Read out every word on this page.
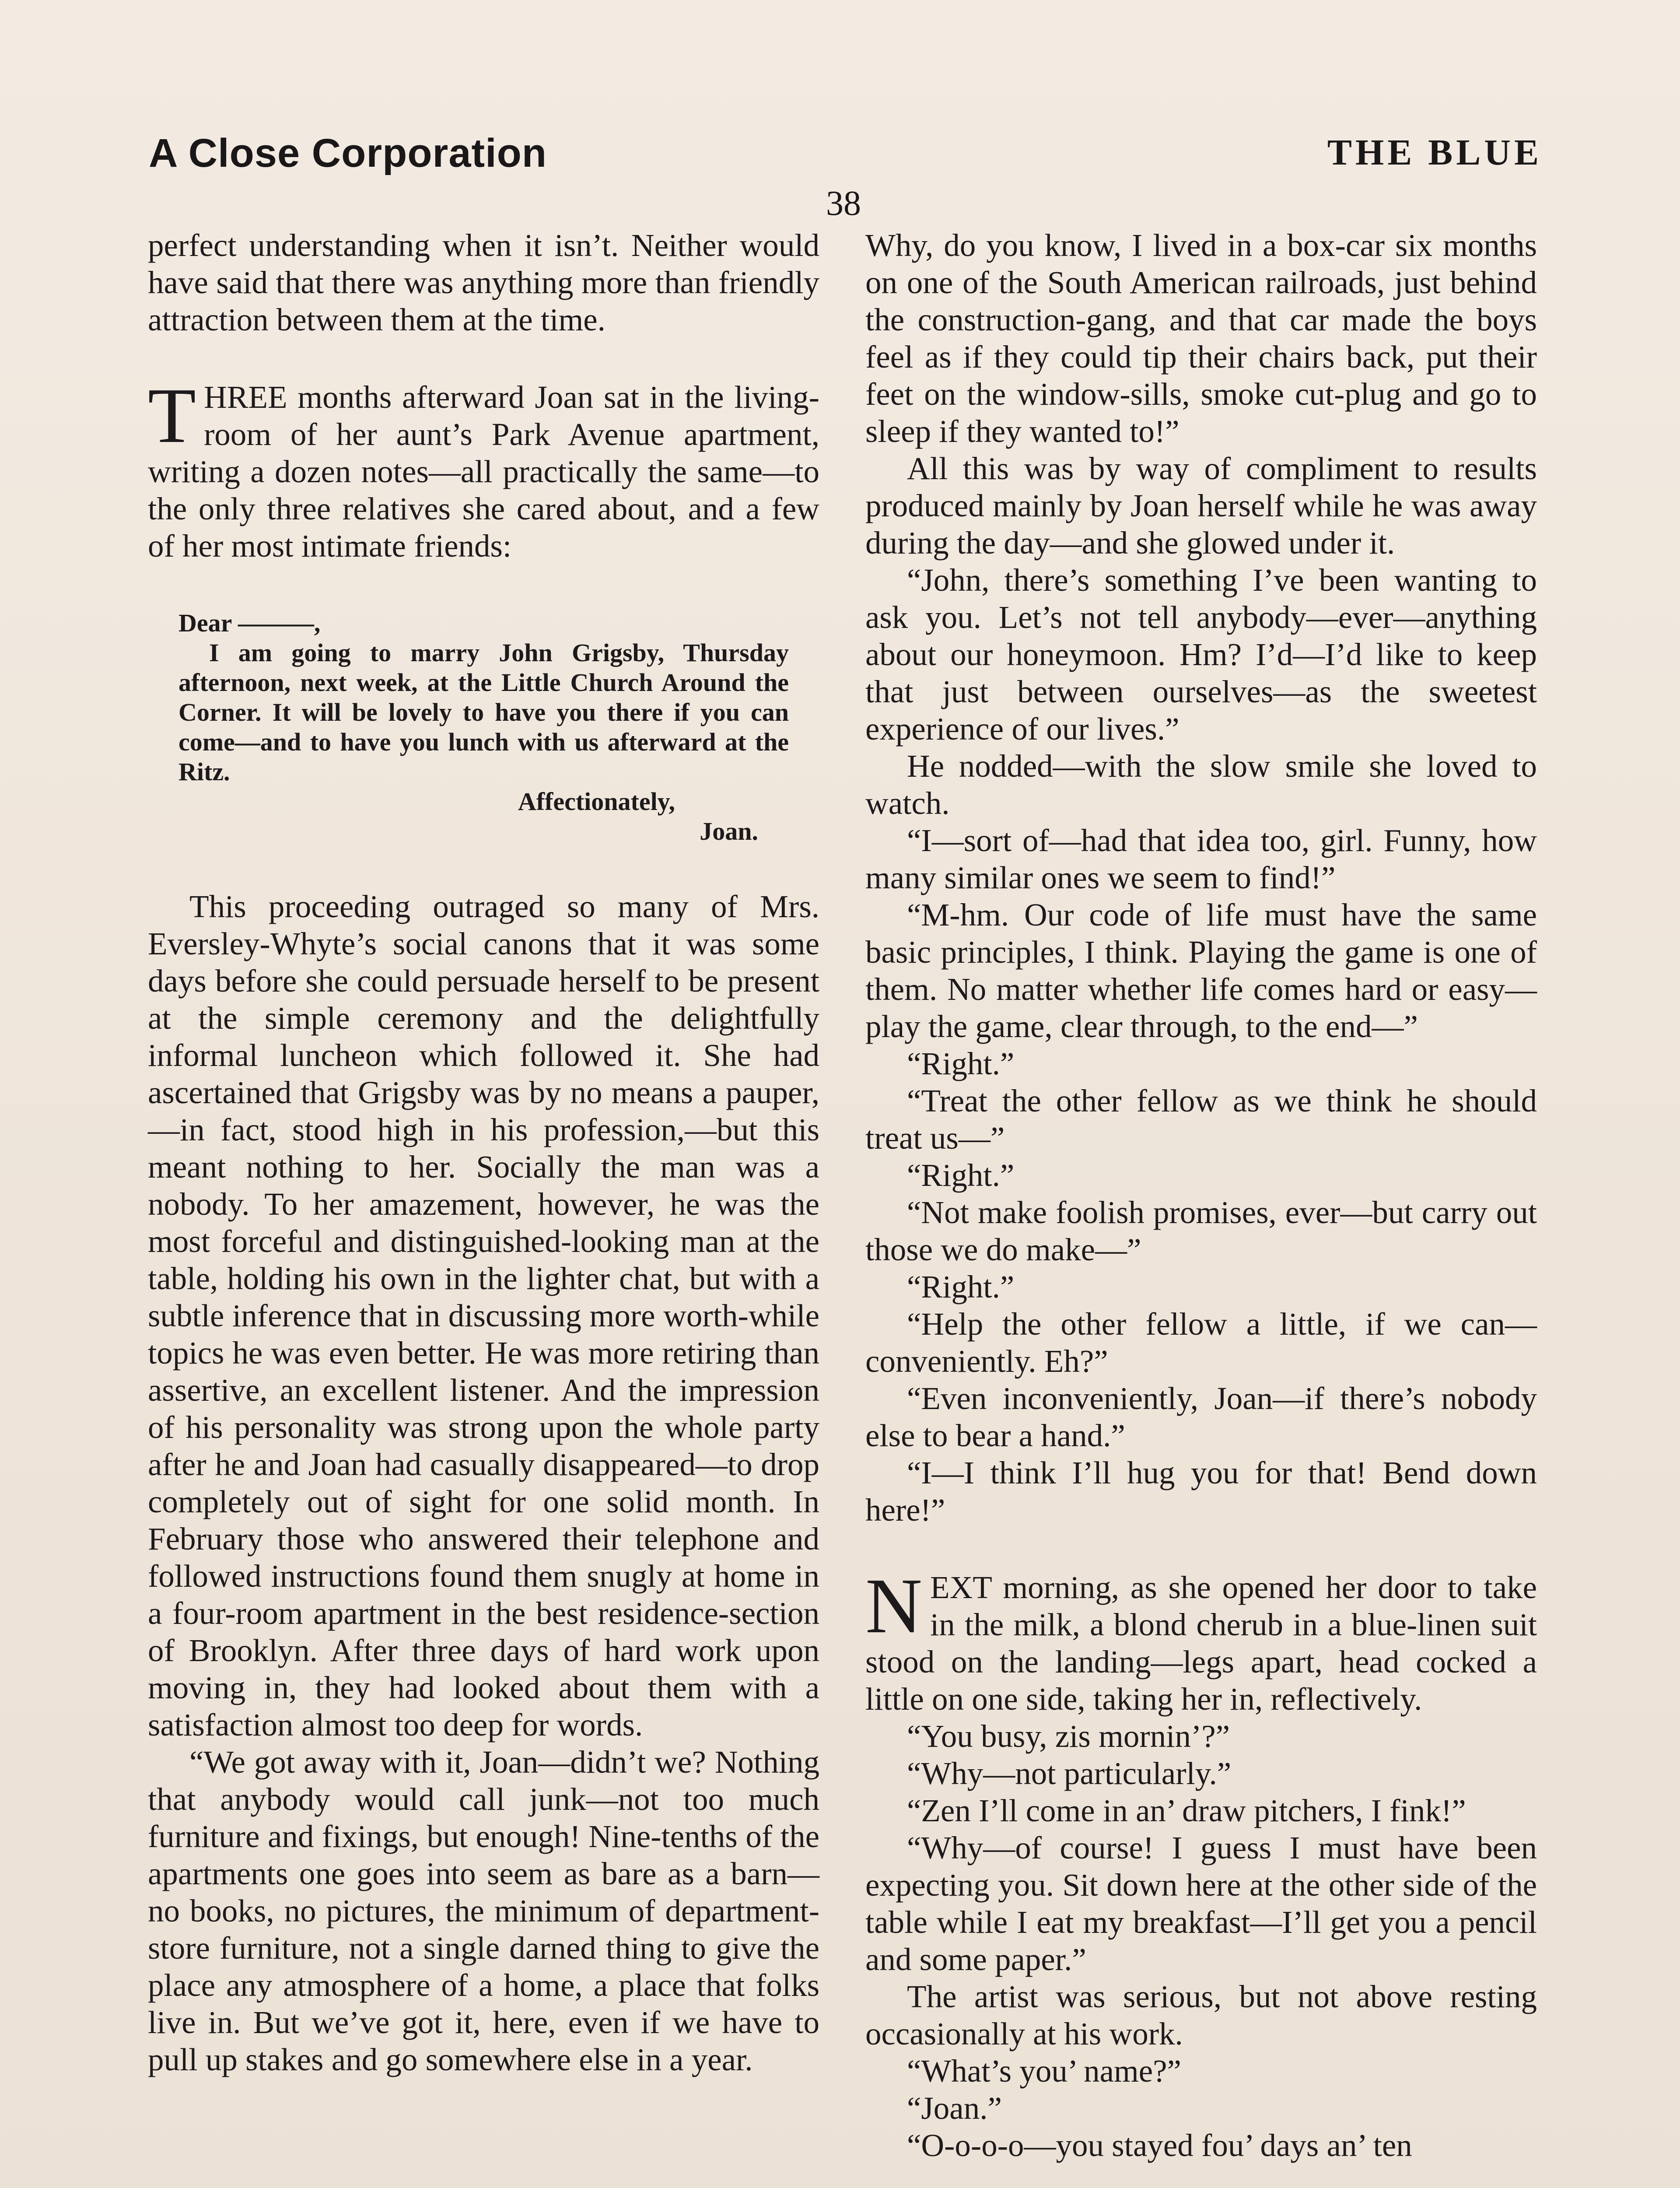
A Close Corporation	THE BLUE
38

perfect understanding when it isn’t. Neither would have said that there was anything more than friendly attraction between them at the time.

THREE months afterward Joan sat in the living-room of her aunt’s Park Avenue apartment, writing a dozen notes—all practically the same—to the only three relatives she cared about, and a few of her most intimate friends:

Dear ———,

I am going to marry John Grigsby, Thursday afternoon, next week, at the Little Church Around the Corner. It will be lovely to have you there if you can come—and to have you lunch with us afterward at the Ritz.

Affectionately,

Joan.

This proceeding outraged so many of Mrs. Eversley-Whyte’s social canons that it was some days before she could persuade herself to be present at the simple ceremony and the delightfully informal luncheon which followed it. She had ascertained that Grigsby was by no means a pauper,—in fact, stood high in his profession,—but this meant nothing to her. Socially the man was a nobody. To her amazement, however, he was the most forceful and distinguished-looking man at the table, holding his own in the lighter chat, but with a subtle inference that in discussing more worth-while topics he was even better. He was more retiring than assertive, an excellent listener. And the impression of his personality was strong upon the whole party after he and Joan had casually disappeared—to drop completely out of sight for one solid month. In February those who answered their telephone and followed instructions found them snugly at home in a four-room apartment in the best residence-section of Brooklyn. After three days of hard work upon moving in, they had looked about them with a satisfaction almost too deep for words.

“We got away with it, Joan—didn’t we? Nothing that anybody would call junk—not too much furniture and fixings, but enough! Nine-tenths of the apartments one goes into seem as bare as a barn—no books, no pictures, the minimum of department-store furniture, not a single darned thing to give the place any atmosphere of a home, a place that folks live in. But we’ve got it, here, even if we have to pull up stakes and go somewhere else in a year.

Why, do you know, I lived in a box-car six months on one of the South American railroads, just behind the construction-gang, and that car made the boys feel as if they could tip their chairs back, put their feet on the window-sills, smoke cut-plug and go to sleep if they wanted to!”

All this was by way of compliment to results produced mainly by Joan herself while he was away during the day—and she glowed under it.

“John, there’s something I’ve been wanting to ask you. Let’s not tell anybody—ever—anything about our honeymoon. Hm? I’d—I’d like to keep that just between ourselves—as the sweetest experience of our lives.”

He nodded—with the slow smile she loved to watch.

“I—sort of—had that idea too, girl. Funny, how many similar ones we seem to find!”

“M-hm. Our code of life must have the same basic principles, I think. Playing the game is one of them. No matter whether life comes hard or easy—play the game, clear through, to the end—”

“Right.”

“Treat the other fellow as we think he should treat us—”

“Right.”

“Not make foolish promises, ever—but carry out those we do make—”

“Right.”

“Help the other fellow a little, if we can—conveniently. Eh?”

“Even inconveniently, Joan—if there’s nobody else to bear a hand.”

“I—I think I’ll hug you for that! Bend down here!”

NEXT morning, as she opened her door to take in the milk, a blond cherub in a blue-linen suit stood on the landing—legs apart, head cocked a little on one side, taking her in, reflectively.

“You busy, zis mornin’?”

“Why—not particularly.”

“Zen I’ll come in an’ draw pitchers, I fink!”

“Why—of course! I guess I must have been expecting you. Sit down here at the other side of the table while I eat my breakfast—I’ll get you a pencil and some paper.”

The artist was serious, but not above resting occasionally at his work.

“What’s you’ name?”

“Joan.”

“O-o-o-o—you stayed fou’ days an’ ten
